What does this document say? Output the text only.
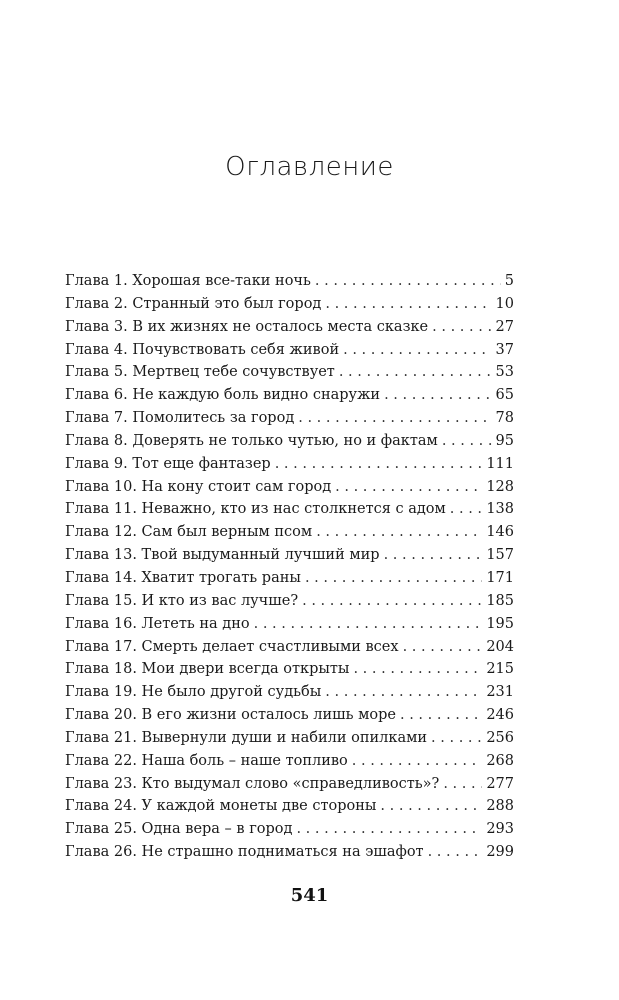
Оглавление
Глава 1. Хорошая все-таки ночь . . .	5
Глава 2. Странный это был город . . .	10
Глава 3. В их жизнях не осталось места сказке . . .	27
Глава 4. Почувствовать себя живой . . .	37
Глава 5. Мертвец тебе сочувствует . . .	53
Глава 6. Не каждую боль видно снаружи . . .	65
Глава 7. Помолитесь за город . . .	78
Глава 8. Доверять не только чутью, но и фактам . . .	95
Глава 9. Тот еще фантазер . . .	111
Глава 10. На кону стоит сам город . . .	128
Глава 11. Неважно, кто из нас столкнется с адом . . .	138
Глава 12. Сам был верным псом . . .	146
Глава 13. Твой выдуманный лучший мир . . .	157
Глава 14. Хватит трогать раны . . .	171
Глава 15. И кто из вас лучше? . . .	185
Глава 16. Лететь на дно . . .	195
Глава 17. Смерть делает счастливыми всех . . .	204
Глава 18. Мои двери всегда открыты . . .	215
Глава 19. Не было другой судьбы . . .	231
Глава 20. В его жизни осталось лишь море . . .	246
Глава 21. Вывернули души и набили опилками . . .	256
Глава 22. Наша боль – наше топливо . . .	268
Глава 23. Кто выдумал слово «справедливость»? . . .	277
Глава 24. У каждой монеты две стороны . . .	288
Глава 25. Одна вера – в город . . .	293
Глава 26. Не страшно подниматься на эшафот . . .	299
541
